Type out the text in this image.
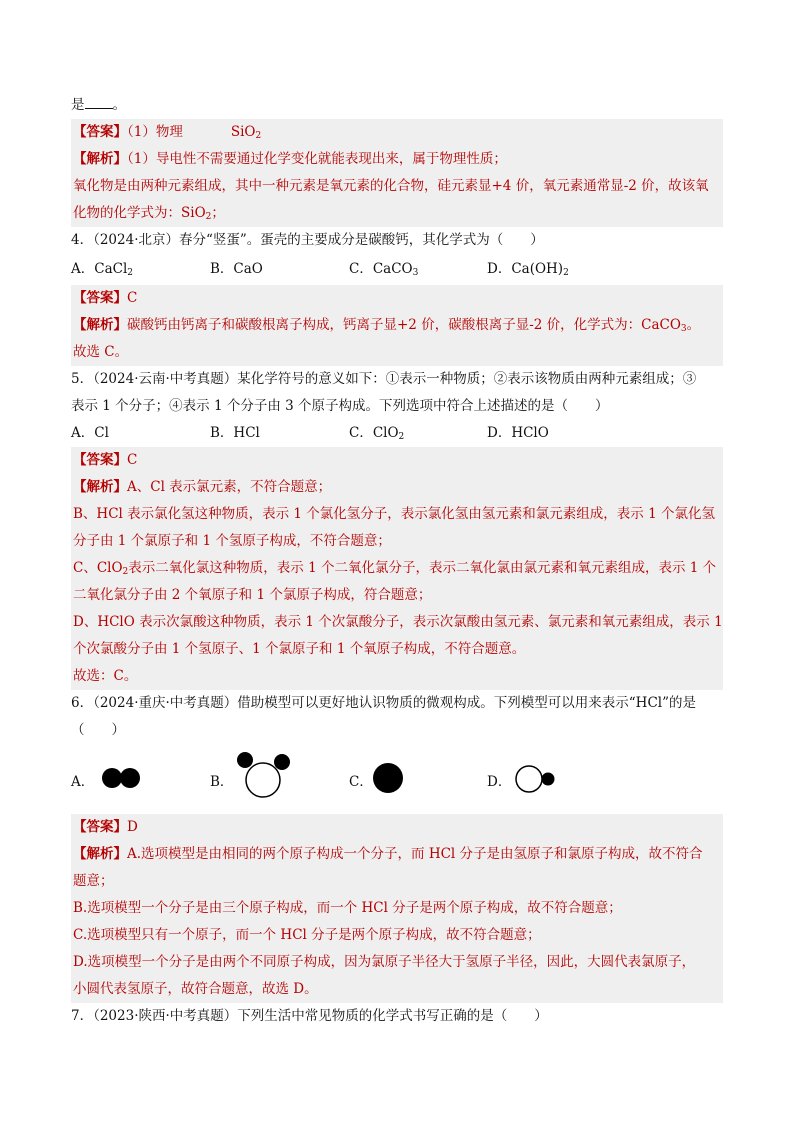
是 。
【答案】（1）物理	SiO$_2$
【解析】（1）导电性不需要通过化学变化就能表现出来，属于物理性质；
氧化物是由两种元素组成，其中一种元素是氧元素的化合物，硅元素显+4 价，氧元素通常显-2 价，故该氧
化物的化学式为：SiO$_2$；
4．（2024·北京）春分“竖蛋”。蛋壳的主要成分是碳酸钙，其化学式为（　　）
A．CaCl$_2$	B．CaO	C．CaCO$_3$	D．$Ca(OH)_2$
【答案】C
【解析】碳酸钙由钙离子和碳酸根离子构成，钙离子显+2 价，碳酸根离子显-2 价，化学式为：CaCO$_3$。
故选 C。
5．（2024·云南·中考真题）某化学符号的意义如下：①表示一种物质；②表示该物质由两种元素组成；③
表示 1 个分子；④表示 1 个分子由 3 个原子构成。下列选项中符合上述描述的是（　　）
A．Cl	B．HCl	C．ClO$_2$	D．HClO
【答案】C
【解析】A、Cl 表示氯元素，不符合题意；
B、HCl 表示氯化氢这种物质，表示 1 个氯化氢分子，表示氯化氢由氢元素和氯元素组成，表示 1 个氯化氢
分子由 1 个氯原子和 1 个氢原子构成，不符合题意；
C、ClO$_2$表示二氧化氯这种物质，表示 1 个二氧化氯分子，表示二氧化氯由氯元素和氧元素组成，表示 1 个
二氧化氯分子由 2 个氧原子和 1 个氯原子构成，符合题意；
D、HClO 表示次氯酸这种物质，表示 1 个次氯酸分子，表示次氯酸由氢元素、氯元素和氧元素组成，表示 1
个次氯酸分子由 1 个氢原子、1 个氯原子和 1 个氧原子构成，不符合题意。
故选：C。
6．（2024·重庆·中考真题）借助模型可以更好地认识物质的微观构成。下列模型可以用来表示“HCl”的是
（　　）
A．	B．	C．	D．
【答案】D
【解析】A.选项模型是由相同的两个原子构成一个分子，而 HCl 分子是由氢原子和氯原子构成，故不符合
题意；
B.选项模型一个分子是由三个原子构成，而一个 HCl 分子是两个原子构成，故不符合题意；
C.选项模型只有一个原子，而一个 HCl 分子是两个原子构成，故不符合题意；
D.选项模型一个分子是由两个不同原子构成，因为氯原子半径大于氢原子半径，因此，大圆代表氯原子，
小圆代表氢原子，故符合题意，故选 D。
7．（2023·陕西·中考真题）下列生活中常见物质的化学式书写正确的是（　　）
